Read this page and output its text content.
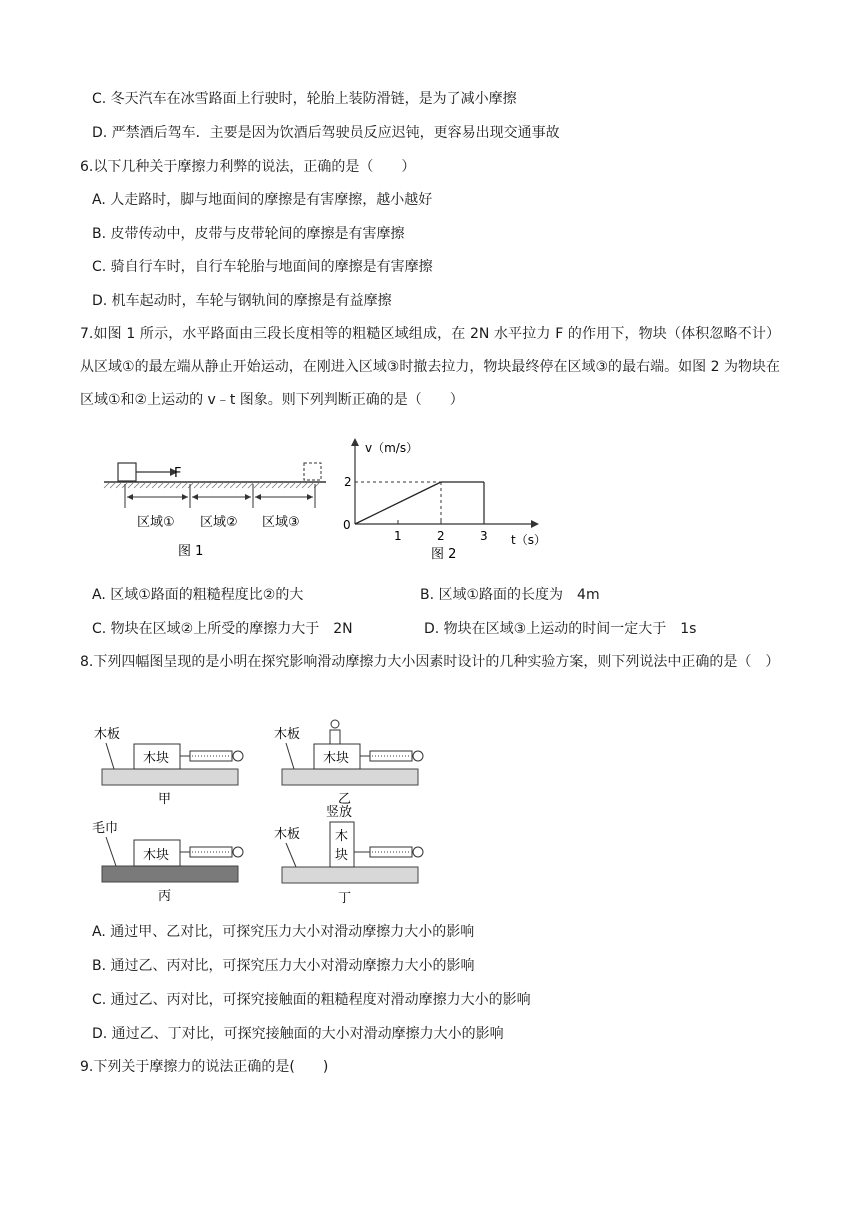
C. 冬天汽车在冰雪路面上行驶时，轮胎上装防滑链，是为了减小摩擦
D. 严禁酒后驾车．主要是因为饮酒后驾驶员反应迟钝，更容易出现交通事故
6.以下几种关于摩擦力利弊的说法，正确的是（　　）
A. 人走路时，脚与地面间的摩擦是有害摩擦，越小越好
B. 皮带传动中，皮带与皮带轮间的摩擦是有害摩擦
C. 骑自行车时，自行车轮胎与地面间的摩擦是有害摩擦
D. 机车起动时，车轮与钢轨间的摩擦是有益摩擦
7.如图 1 所示，水平路面由三段长度相等的粗糙区域组成，在 2N 水平拉力 F 的作用下，物块（体积忽略不计）从区域①的最左端从静止开始运动，在刚进入区域③时撤去拉力，物块最终停在区域③的最右端。如图 2 为物块在区域①和②上运动的 v﹣t 图象。则下列判断正确的是（　　）
F
区域① 区域② 区域③
图 1
v（m/s）
t（s）
0
2
1	2	3
图 2
A. 区域①路面的粗糙程度比②的大	B. 区域①路面的长度为　4m
C. 物块在区域②上所受的摩擦力大于　2N	D. 物块在区域③上运动的时间一定大于　1s
8.下列四幅图呈现的是小明在探究影响滑动摩擦力大小因素时设计的几种实验方案，则下列说法中正确的是（　）
木板
木块
甲
木板
木块
乙
毛巾
木块
丙
竖放
木板	木
块
丁
A. 通过甲、乙对比，可探究压力大小对滑动摩擦力大小的影响
B. 通过乙、丙对比，可探究压力大小对滑动摩擦力大小的影响
C. 通过乙、丙对比，可探究接触面的粗糙程度对滑动摩擦力大小的影响
D. 通过乙、丁对比，可探究接触面的大小对滑动摩擦力大小的影响
9.下列关于摩擦力的说法正确的是(　　)
